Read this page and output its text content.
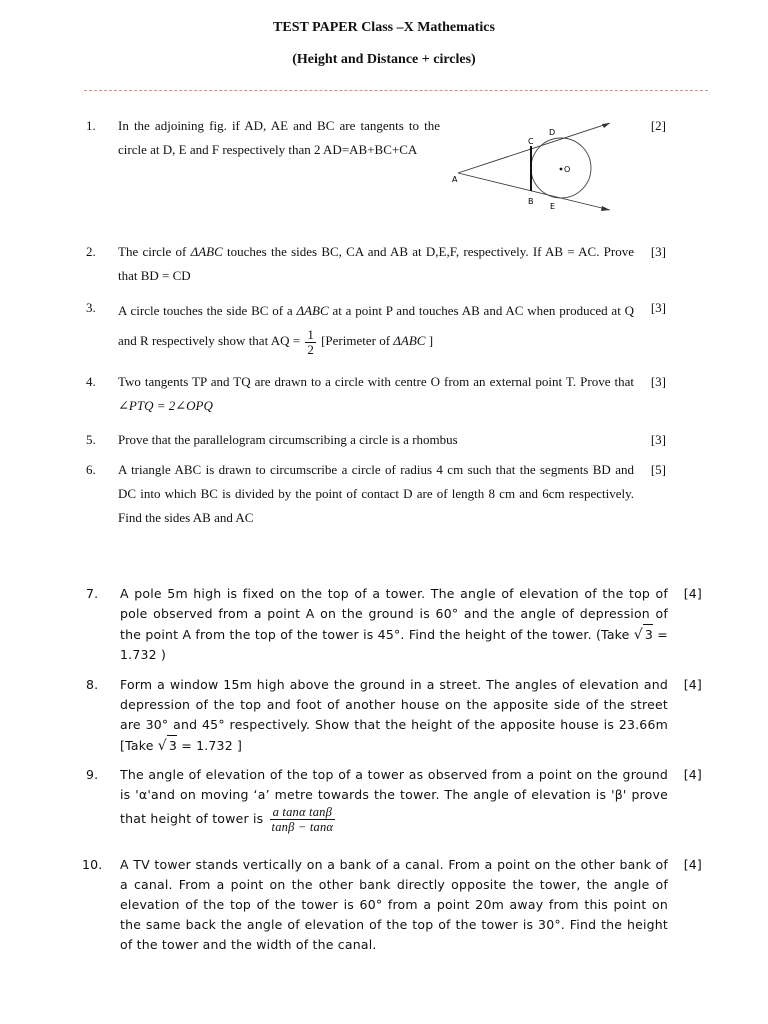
TEST PAPER Class –X Mathematics
(Height and Distance + circles)
1.	In the adjoining fig. if AD, AE and BC are tangents to the circle at D, E and F respectively than 2 AD=AB+BC+CA
[2]
A
B
C
D
E
O
2.	The circle of ΔABC touches the sides BC, CA and AB at D,E,F, respectively. If AB = AC. Prove that BD = CD
[3]
3.	A circle touches the side BC of a ΔABC at a point P and touches AB and AC when produced at Q and R respectively show that AQ = $\frac{1}{2}$ [Perimeter of ΔABC ]
[3]
4.	Two tangents TP and TQ are drawn to a circle with centre O from an external point T. Prove that ∠PTQ = 2∠OPQ
[3]
5.	Prove that the parallelogram circumscribing a circle is a rhombus	[3]
6.	A triangle ABC is drawn to circumscribe a circle of radius 4 cm such that the segments BD and DC into which BC is divided by the point of contact D are of length 8 cm and 6cm respectively. Find the sides AB and AC
[5]
7.	A pole 5m high is fixed on the top of a tower. The angle of elevation of the top of pole observed from a point A on the ground is 60° and the angle of depression of the point A from the top of the tower is 45°. Find the height of the tower. (Take √ 3 = 1.732 )
[4]
8.	Form a window 15m high above the ground in a street. The angles of elevation and depression of the top and foot of another house on the apposite side of the street are 30° and 45° respectively. Show that the height of the apposite house is 23.66m [Take √ 3 = 1.732 ]
[4]
9.	The angle of elevation of the top of a tower as observed from a point on the ground is 'α'and on moving ‘a’ metre towards the tower. The angle of elevation is 'β' prove that height of tower is $\frac{\text{a tanα tanβ}}{\tan\beta - \tan\alpha}$
[4]
10.	A TV tower stands vertically on a bank of a canal. From a point on the other bank of a canal. From a point on the other bank directly opposite the tower, the angle of elevation of the top of the tower is 60° from a point 20m away from this point on the same back the angle of elevation of the top of the tower is 30°. Find the height of the tower and the width of the canal.
[4]
